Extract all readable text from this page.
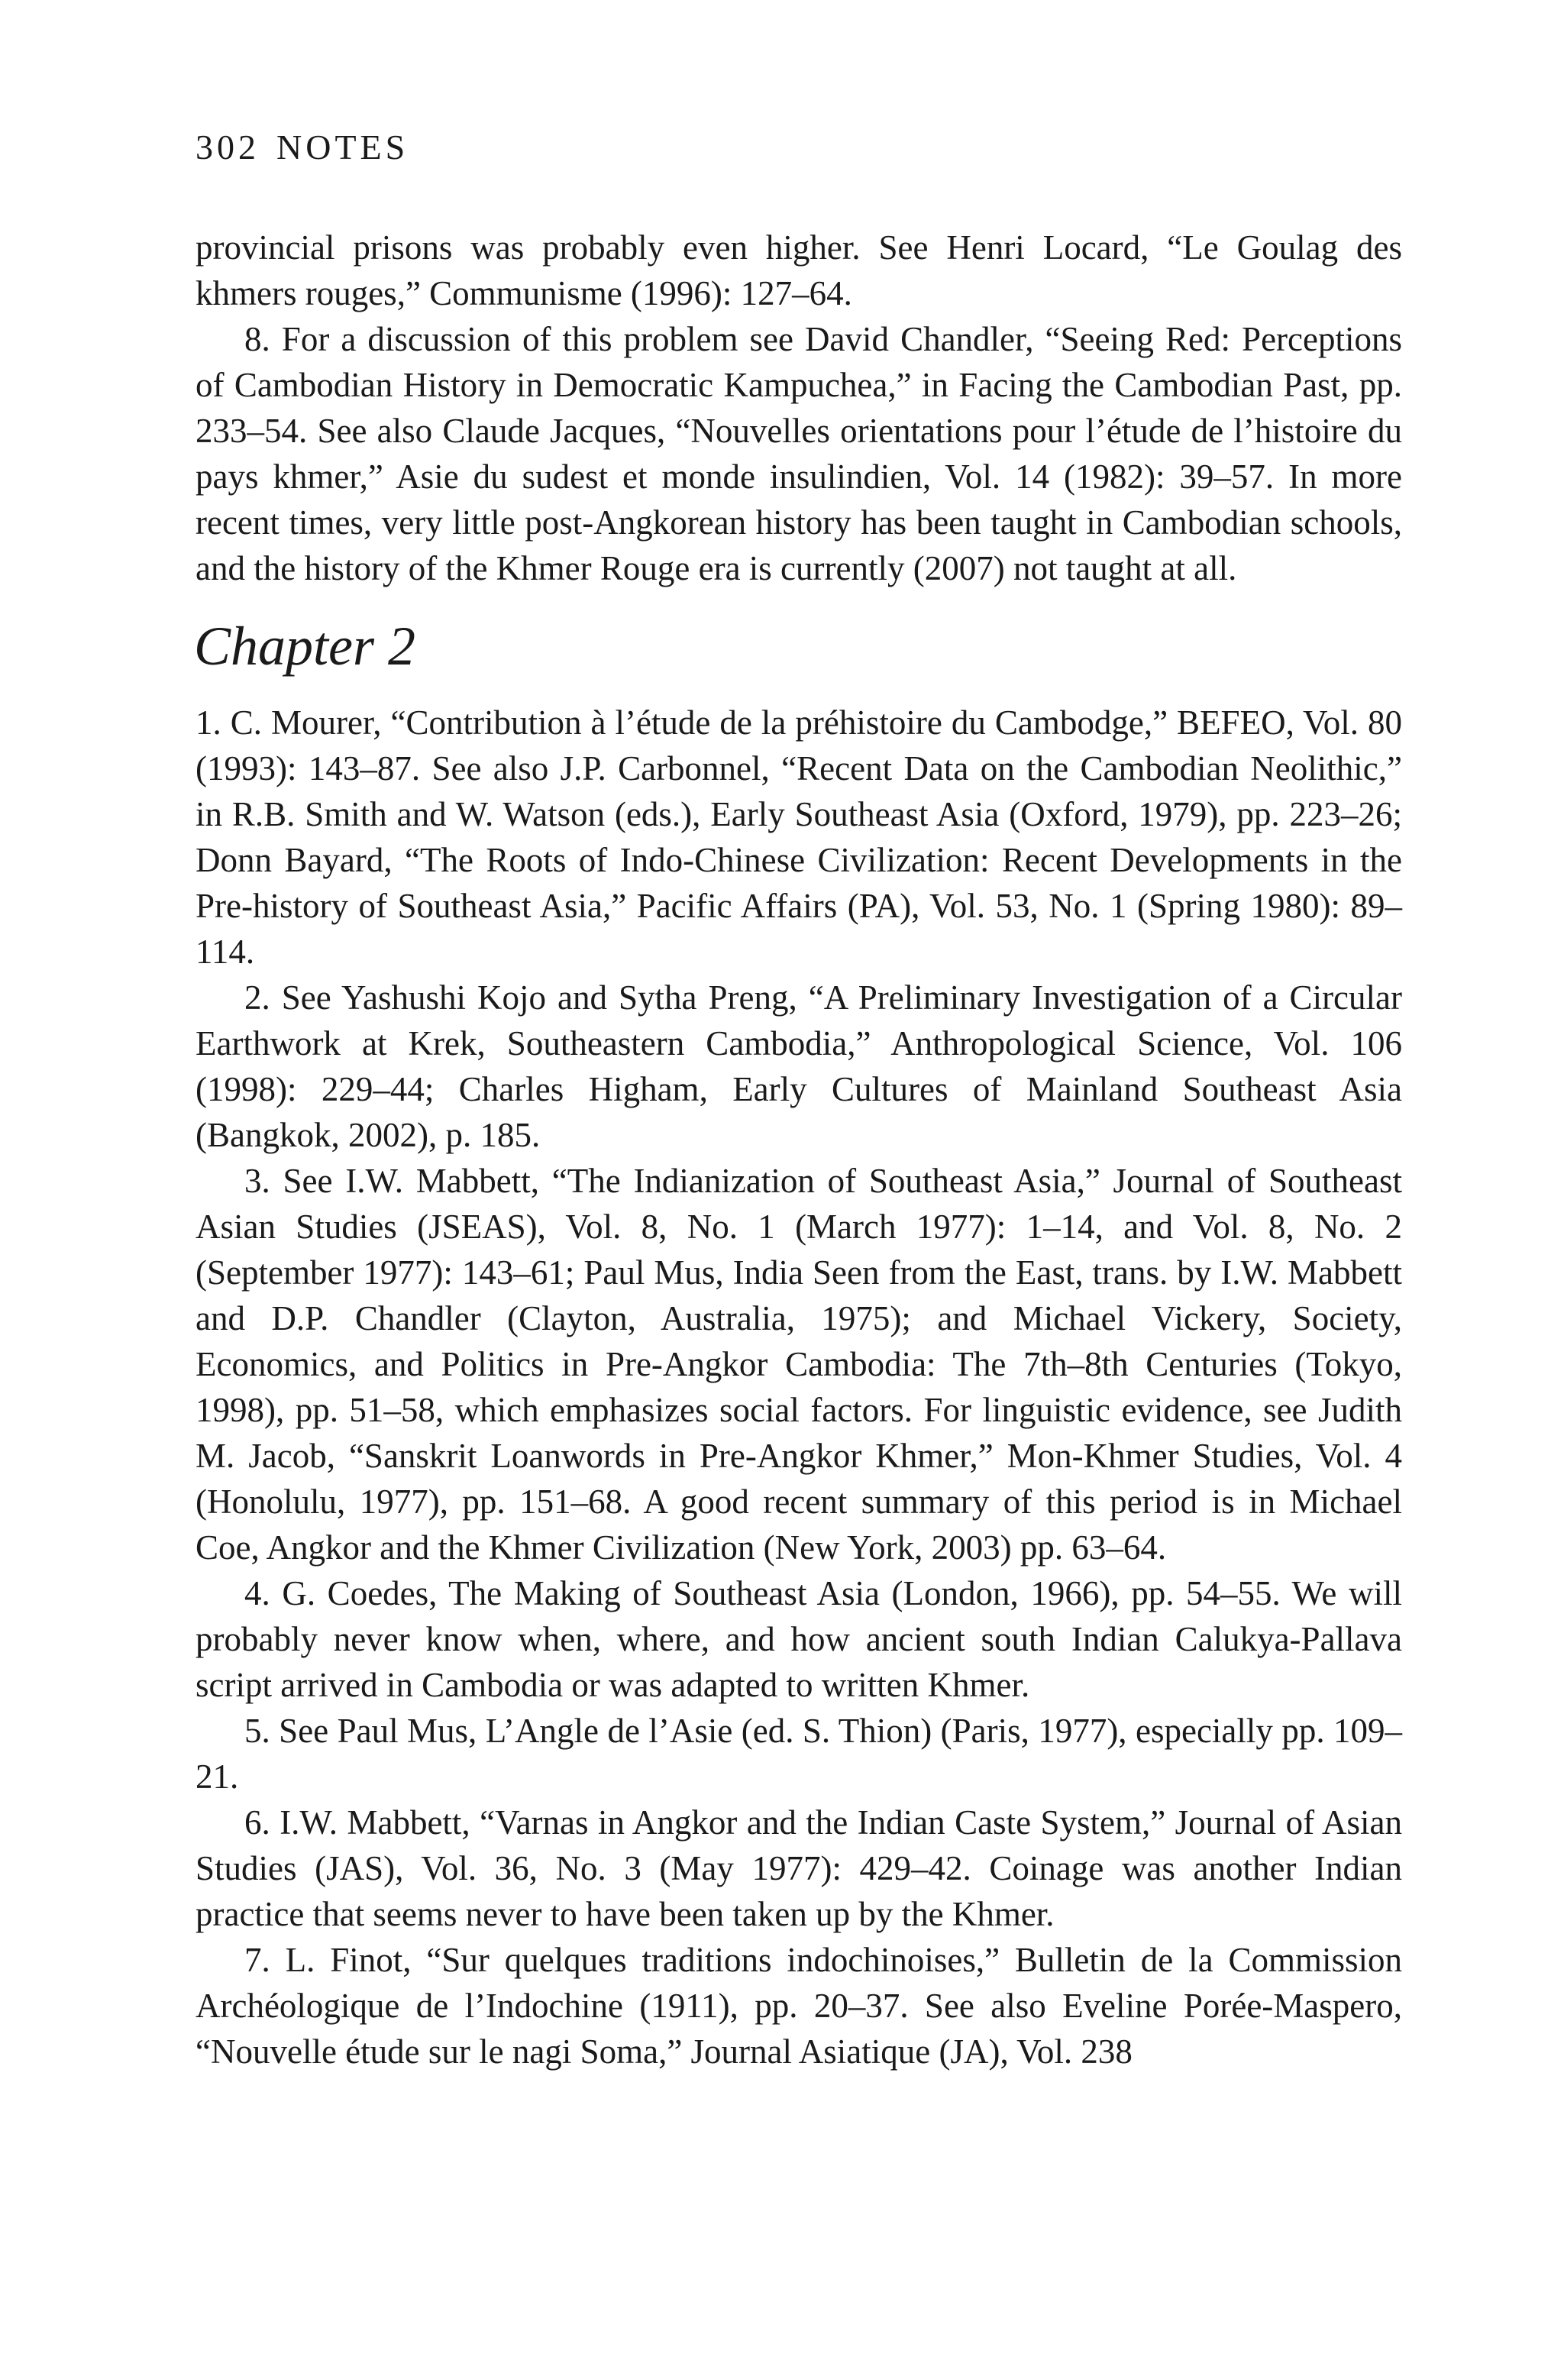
302 NOTES

provincial prisons was probably even higher. See Henri Locard, “Le Goulag des khmers rouges,” Communisme (1996): 127–64.

8. For a discussion of this problem see David Chandler, “Seeing Red: Perceptions of Cambodian History in Democratic Kampuchea,” in Facing the Cambodian Past, pp. 233–54. See also Claude Jacques, “Nouvelles orientations pour l’étude de l’histoire du pays khmer,” Asie du sudest et monde insulindien, Vol. 14 (1982): 39–57. In more recent times, very little post-Angkorean history has been taught in Cambodian schools, and the history of the Khmer Rouge era is currently (2007) not taught at all.

Chapter 2

1. C. Mourer, “Contribution à l’étude de la préhistoire du Cambodge,” BEFEO, Vol. 80 (1993): 143–87. See also J.P. Carbonnel, “Recent Data on the Cambodian Neolithic,” in R.B. Smith and W. Watson (eds.), Early Southeast Asia (Oxford, 1979), pp. 223–26; Donn Bayard, “The Roots of Indo-Chinese Civilization: Recent Developments in the Pre-history of Southeast Asia,” Pacific Affairs (PA), Vol. 53, No. 1 (Spring 1980): 89–114.

2. See Yashushi Kojo and Sytha Preng, “A Preliminary Investigation of a Circular Earthwork at Krek, Southeastern Cambodia,” Anthropological Science, Vol. 106 (1998): 229–44; Charles Higham, Early Cultures of Mainland Southeast Asia (Bangkok, 2002), p. 185.

3. See I.W. Mabbett, “The Indianization of Southeast Asia,” Journal of Southeast Asian Studies (JSEAS), Vol. 8, No. 1 (March 1977): 1–14, and Vol. 8, No. 2 (September 1977): 143–61; Paul Mus, India Seen from the East, trans. by I.W. Mabbett and D.P. Chandler (Clayton, Australia, 1975); and Michael Vickery, Society, Economics, and Politics in Pre-Angkor Cambodia: The 7th–8th Centuries (Tokyo, 1998), pp. 51–58, which emphasizes social factors. For linguistic evidence, see Judith M. Jacob, “Sanskrit Loanwords in Pre-Angkor Khmer,” Mon-Khmer Studies, Vol. 4 (Honolulu, 1977), pp. 151–68. A good recent summary of this period is in Michael Coe, Angkor and the Khmer Civilization (New York, 2003) pp. 63–64.

4. G. Coedes, The Making of Southeast Asia (London, 1966), pp. 54–55. We will probably never know when, where, and how ancient south Indian Calukya-Pallava script arrived in Cambodia or was adapted to written Khmer.

5. See Paul Mus, L’Angle de l’Asie (ed. S. Thion) (Paris, 1977), especially pp. 109–21.

6. I.W. Mabbett, “Varnas in Angkor and the Indian Caste System,” Journal of Asian Studies (JAS), Vol. 36, No. 3 (May 1977): 429–42. Coinage was another Indian practice that seems never to have been taken up by the Khmer.

7. L. Finot, “Sur quelques traditions indochinoises,” Bulletin de la Commission Archéologique de l’Indochine (1911), pp. 20–37. See also Eveline Porée-Maspero, “Nouvelle étude sur le nagi Soma,” Journal Asiatique (JA), Vol. 238
